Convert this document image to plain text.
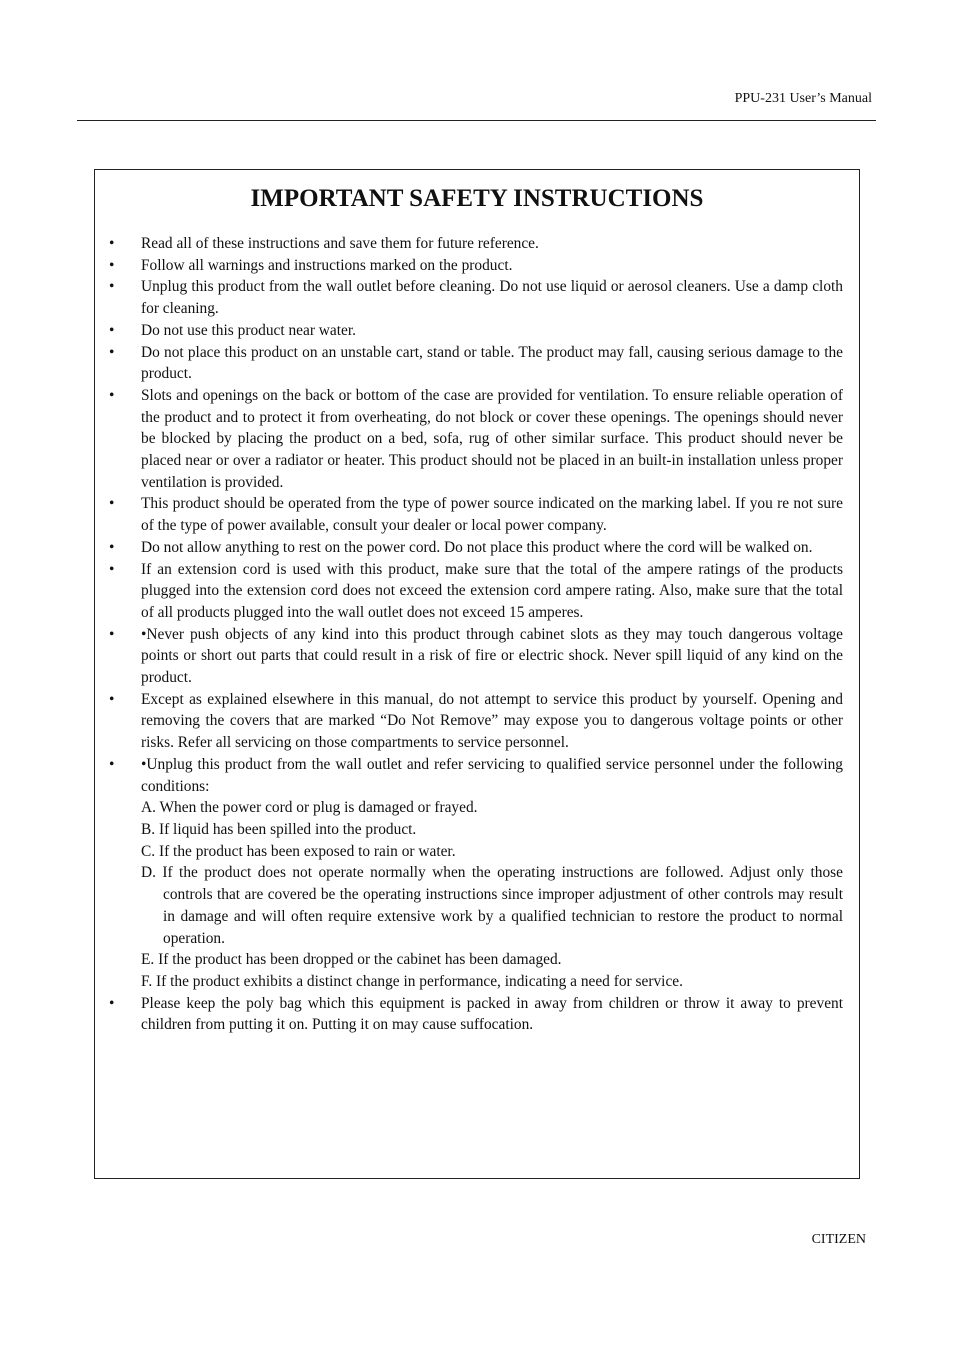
PPU-231 User’s Manual
IMPORTANT SAFETY INSTRUCTIONS
• Read all of these instructions and save them for future reference.
• Follow all warnings and instructions marked on the product.
• Unplug this product from the wall outlet before cleaning. Do not use liquid or aerosol cleaners. Use a damp cloth for cleaning.
• Do not use this product near water.
• Do not place this product on an unstable cart, stand or table. The product may fall, causing serious damage to the product.
• Slots and openings on the back or bottom of the case are provided for ventilation. To ensure reliable operation of the product and to protect it from overheating, do not block or cover these openings. The openings should never be blocked by placing the product on a bed, sofa, rug of other similar surface. This product should never be placed near or over a radiator or heater. This product should not be placed in an built-in installation unless proper ventilation is provided.
• This product should be operated from the type of power source indicated on the marking label. If you re not sure of the type of power available, consult your dealer or local power company.
• Do not allow anything to rest on the power cord. Do not place this product where the cord will be walked on.
• If an extension cord is used with this product, make sure that the total of the ampere ratings of the products plugged into the extension cord does not exceed the extension cord ampere rating. Also, make sure that the total of all products plugged into the wall outlet does not exceed 15 amperes.
• •Never push objects of any kind into this product through cabinet slots as they may touch dangerous voltage points or short out parts that could result in a risk of fire or electric shock. Never spill liquid of any kind on the product.
• Except as explained elsewhere in this manual, do not attempt to service this product by yourself. Opening and removing the covers that are marked “Do Not Remove” may expose you to dangerous voltage points or other risks. Refer all servicing on those compartments to service personnel.
• •Unplug this product from the wall outlet and refer servicing to qualified service personnel under the following conditions:
A. When the power cord or plug is damaged or frayed.
B. If liquid has been spilled into the product.
C. If the product has been exposed to rain or water.
D. If the product does not operate normally when the operating instructions are followed. Adjust only those controls that are covered be the operating instructions since improper adjustment of other controls may result in damage and will often require extensive work by a qualified technician to restore the product to normal operation.
E. If the product has been dropped or the cabinet has been damaged.
F. If the product exhibits a distinct change in performance, indicating a need for service.
• Please keep the poly bag which this equipment is packed in away from children or throw it away to prevent children from putting it on. Putting it on may cause suffocation.
CITIZEN
